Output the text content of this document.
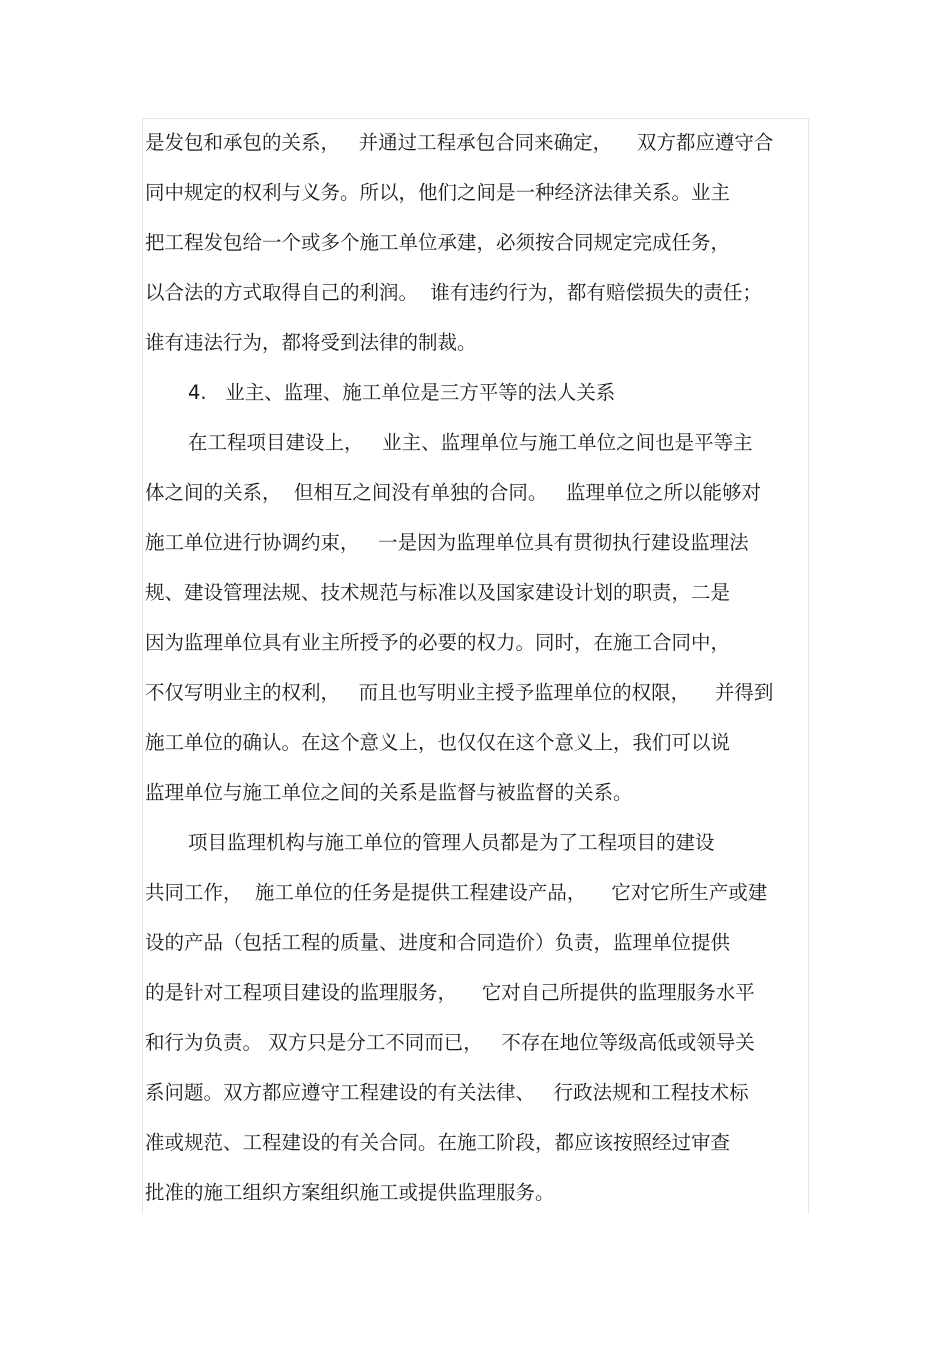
是发包和承包的关系，   并通过工程承包合同来确定，    双方都应遵守合
同中规定的权利与义务。所以，他们之间是一种经济法律关系。业主
把工程发包给一个或多个施工单位承建，必须按合同规定完成任务，
以合法的方式取得自己的利润。  谁有违约行为，都有赔偿损失的责任；
谁有违法行为，都将受到法律的制裁。
4.   业主、监理、施工单位是三方平等的法人关系
在工程项目建设上，   业主、监理单位与施工单位之间也是平等主
体之间的关系，  但相互之间没有单独的合同。   监理单位之所以能够对
施工单位进行协调约束，   一是因为监理单位具有贯彻执行建设监理法
规、建设管理法规、技术规范与标准以及国家建设计划的职责，二是
因为监理单位具有业主所授予的必要的权力。同时，在施工合同中，
不仅写明业主的权利，   而且也写明业主授予监理单位的权限，    并得到
施工单位的确认。在这个意义上，也仅仅在这个意义上，我们可以说
监理单位与施工单位之间的关系是监督与被监督的关系。
项目监理机构与施工单位的管理人员都是为了工程项目的建设
共同工作，  施工单位的任务是提供工程建设产品，    它对它所生产或建
设的产品（包括工程的质量、进度和合同造价）负责，监理单位提供
的是针对工程项目建设的监理服务，    它对自己所提供的监理服务水平
和行为负责。 双方只是分工不同而已，   不存在地位等级高低或领导关
系问题。双方都应遵守工程建设的有关法律、   行政法规和工程技术标
准或规范、工程建设的有关合同。在施工阶段，都应该按照经过审查
批准的施工组织方案组织施工或提供监理服务。
